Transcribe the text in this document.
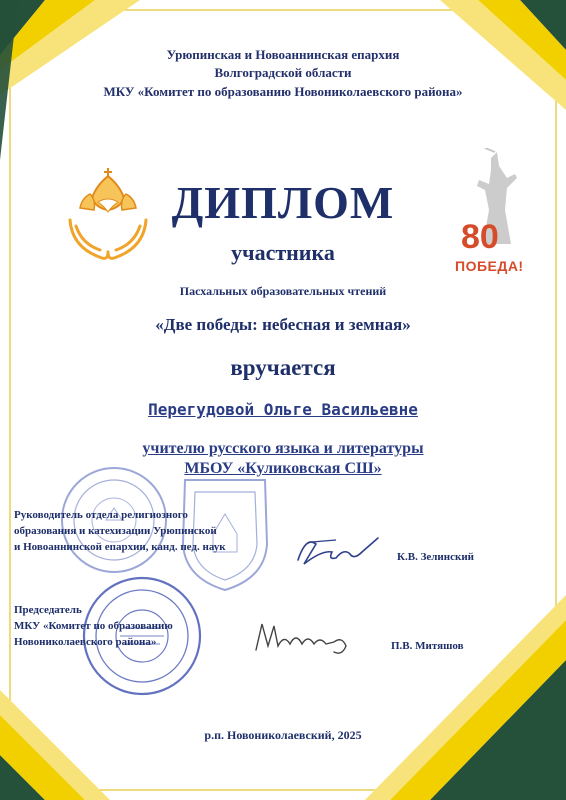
Урюпинская и Новоаннинская епархия
Волгоградской области
МКУ «Комитет по образованию Новониколаевского района»
ДИПЛОМ
участника
Пасхальных образовательных чтений
«Две победы: небесная и земная»
вручается
80
ПОБЕДА!
Перегудовой Ольге Васильевне
учителю русского языка и литературы
МБОУ «Куликовская СШ»
Руководитель отдела религиозного
образования и катехизации Урюпинской
и Новоаннинской епархии, канд. пед. наук
К.В. Зелинский
Председатель
МКУ «Комитет по образованию
Новониколаевского района»	П.В. Митяшов
р.п. Новониколаевский, 2025
